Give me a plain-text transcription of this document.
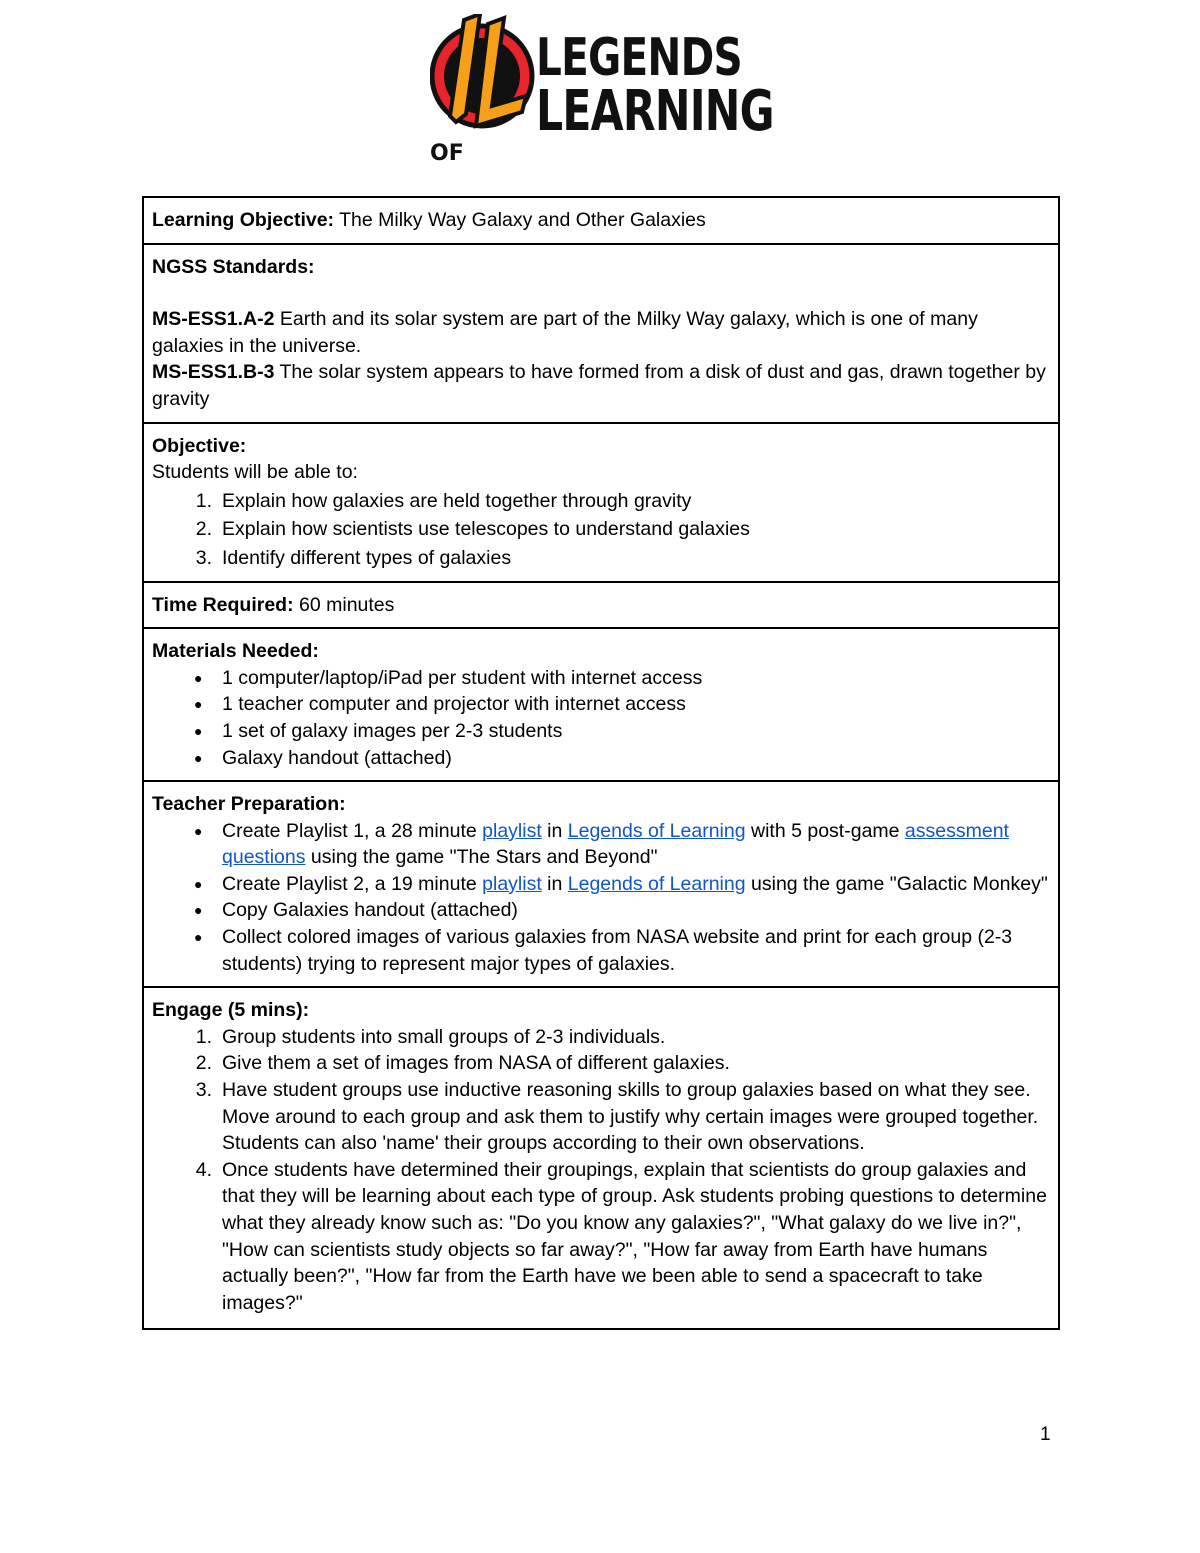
LEGENDS
OF
LEARNING
Learning Objective: The Milky Way Galaxy and Other Galaxies

NGSS Standards:
MS-ESS1.A-2 Earth and its solar system are part of the Milky Way galaxy, which is one of many galaxies in the universe.
MS-ESS1.B-3 The solar system appears to have formed from a disk of dust and gas, drawn together by gravity

Objective:
Students will be able to:
1. Explain how galaxies are held together through gravity
2. Explain how scientists use telescopes to understand galaxies
3. Identify different types of galaxies

Time Required: 60 minutes

Materials Needed:
●	1 computer/laptop/iPad per student with internet access
●	1 teacher computer and projector with internet access
●	1 set of galaxy images per 2-3 students
●	Galaxy handout (attached)

Teacher Preparation:
●	Create Playlist 1, a 28 minute playlist in Legends of Learning with 5 post-game assessment questions using the game "The Stars and Beyond"
●	Create Playlist 2, a 19 minute playlist in Legends of Learning using the game "Galactic Monkey"
●	Copy Galaxies handout (attached)
●	Collect colored images of various galaxies from NASA website and print for each group (2-3 students) trying to represent major types of galaxies.

Engage (5 mins):
1. Group students into small groups of 2-3 individuals.
2. Give them a set of images from NASA of different galaxies.
3. Have student groups use inductive reasoning skills to group galaxies based on what they see. Move around to each group and ask them to justify why certain images were grouped together. Students can also 'name' their groups according to their own observations.
4. Once students have determined their groupings, explain that scientists do group galaxies and that they will be learning about each type of group. Ask students probing questions to determine what they already know such as: "Do you know any galaxies?", "What galaxy do we live in?", "How can scientists study objects so far away?", "How far away from Earth have humans actually been?", "How far from the Earth have we been able to send a spacecraft to take images?"
1
